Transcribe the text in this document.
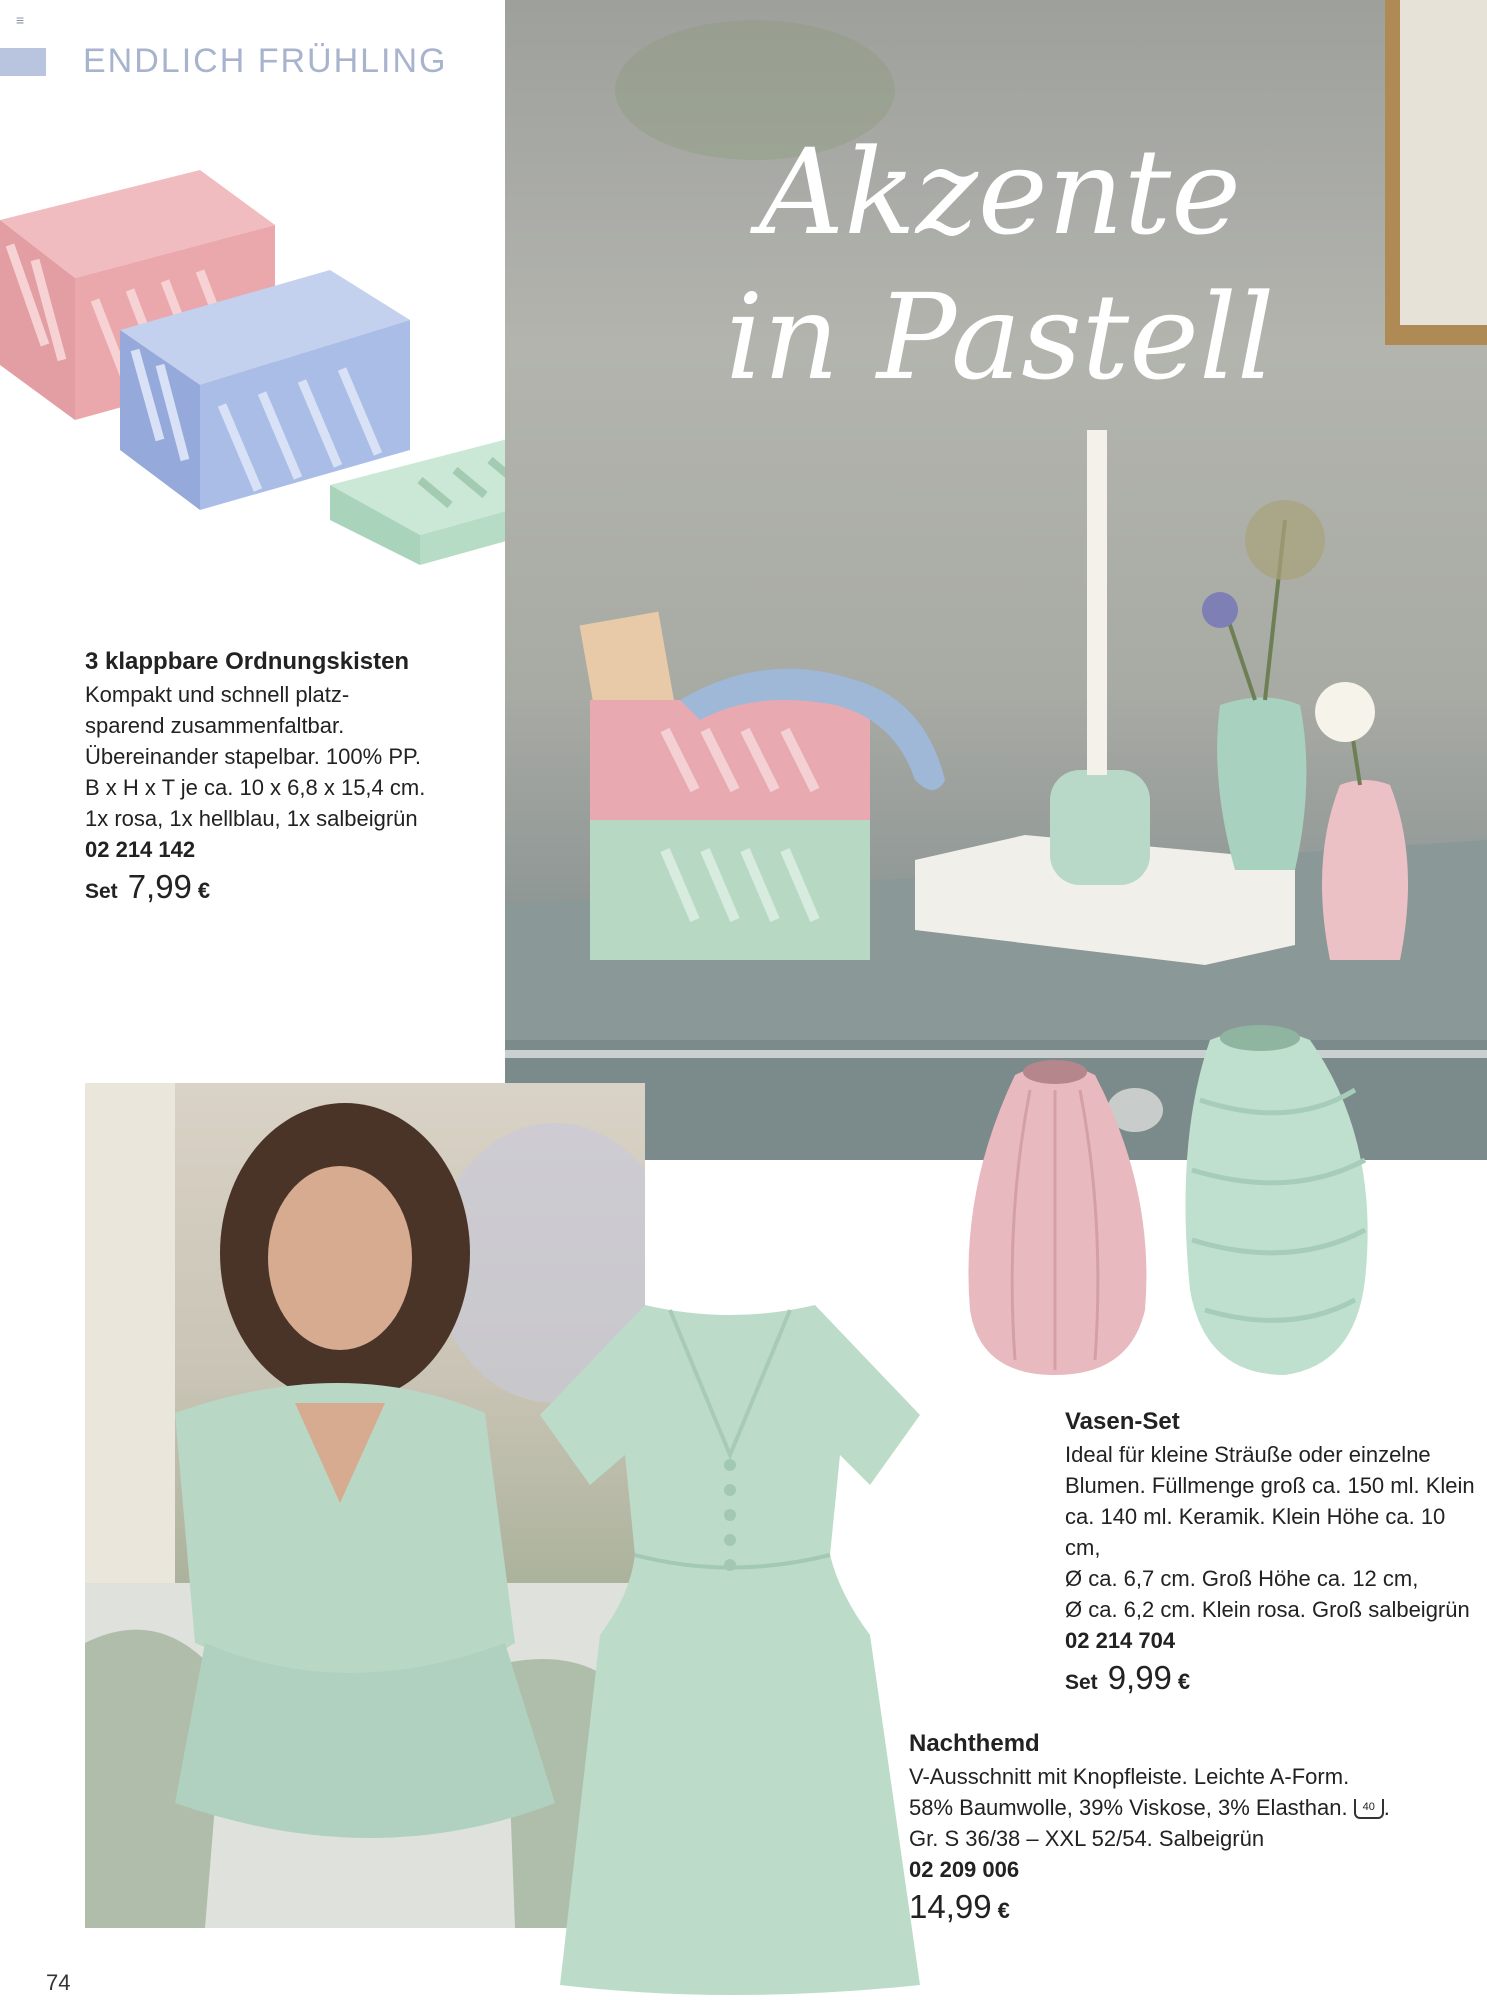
≡
ENDLICH FRÜHLING
Akzente
in Pastell
3 klappbare Ordnungskisten
Kompakt und schnell platz-
sparend zusammenfaltbar.
Übereinander stapelbar. 100% PP.
B x H x T je ca. 10 x 6,8 x 15,4 cm.
1x rosa, 1x hellblau, 1x salbeigrün
02 214 142
Set 7,99 €
Vasen-Set
Ideal für kleine Sträuße oder einzelne
Blumen. Füllmenge groß ca. 150 ml. Klein
ca. 140 ml. Keramik. Klein Höhe ca. 10 cm,
Ø ca. 6,7 cm. Groß Höhe ca. 12 cm,
Ø ca. 6,2 cm. Klein rosa. Groß salbeigrün
02 214 704
Set 9,99 €
Nachthemd
V-Ausschnitt mit Knopfleiste. Leichte A-Form.
58% Baumwolle, 39% Viskose, 3% Elasthan. 40 .
Gr. S 36/38 – XXL 52/54. Salbeigrün
02 209 006
14,99 €
74
